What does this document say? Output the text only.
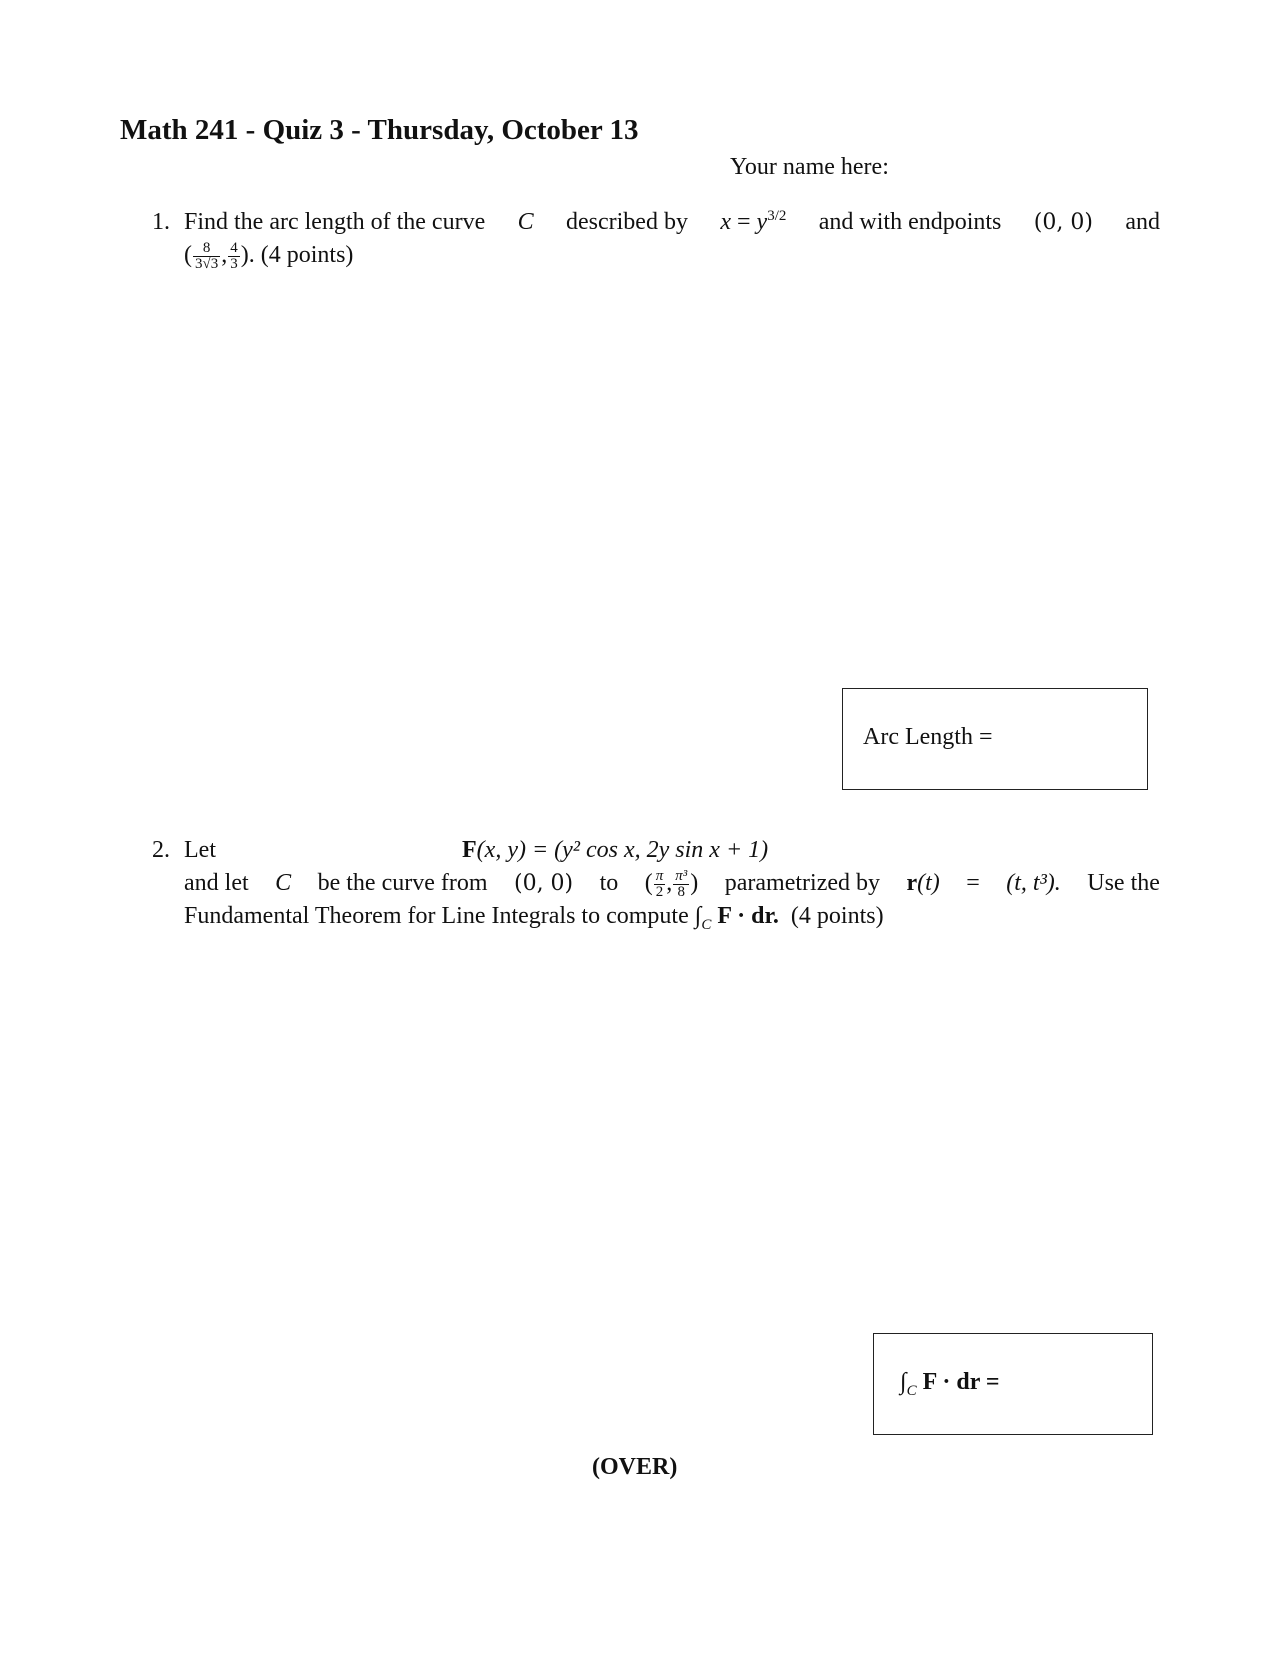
Math 241 - Quiz 3 - Thursday, October 13
Your name here:
1. Find the arc length of the curve C described by $x = y^{3/2}$ and with endpoints (0, 0) and
( $\frac{8}{3√3}$ , $\frac{4}{3}$ ). (4 points)
Arc Length =
2. Let	F(x, y) = (y² cos x, 2y sin x + 1)
and let C be the curve from (0, 0) to ( $\frac{\pi}{2}$ , $\frac{\text{π³}}{8}$ ) parametrized by r(t) = (t, t³). Use the
Fundamental Theorem for Line Integrals to compute $\int_C$ F · dr. (4 points)
$\int_C$ F · dr =
(OVER)
